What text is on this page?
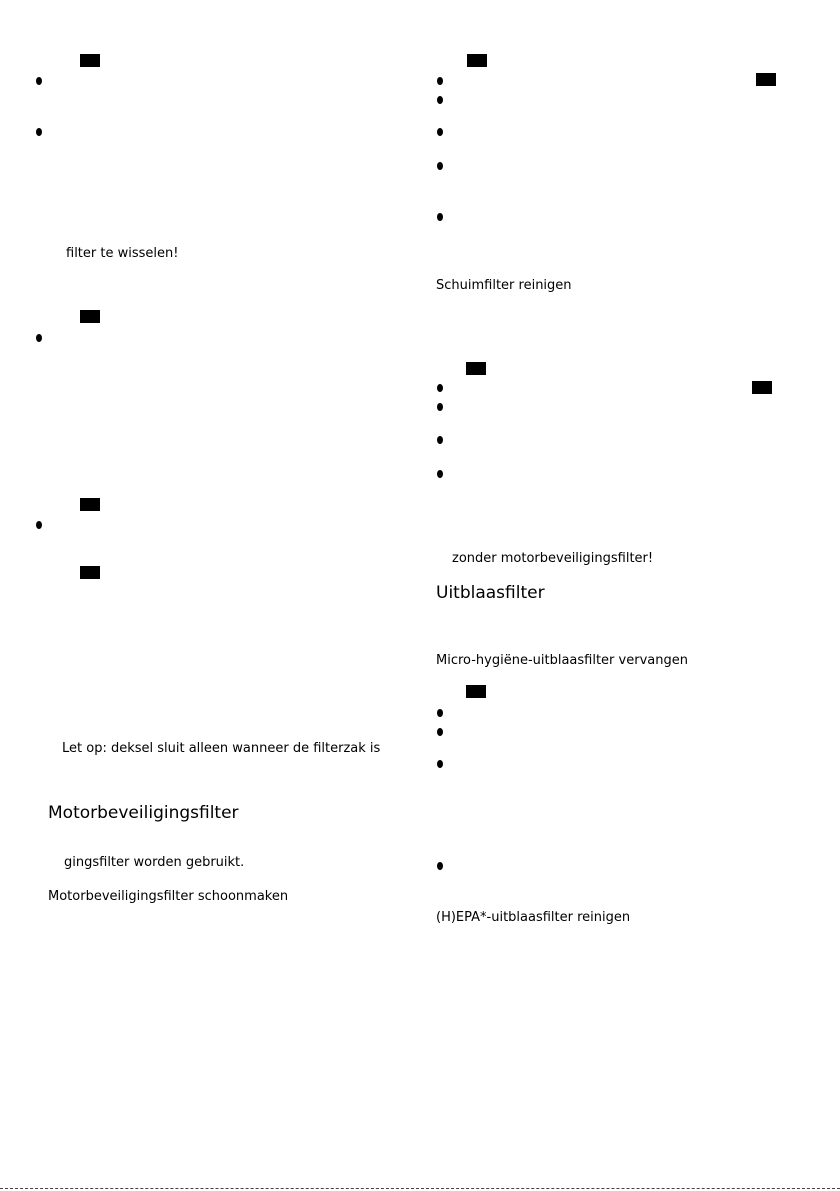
filter te wisselen!
Let op: deksel sluit alleen wanneer de filterzak is
Motorbeveiligingsfilter
gingsfilter worden gebruikt.
Motorbeveiligingsfilter schoonmaken
Schuimfilter reinigen
zonder motorbeveiligingsfilter!
Uitblaasfilter
Micro-hygiëne-uitblaasfilter vervangen
(H)EPA*-uitblaasfilter reinigen
